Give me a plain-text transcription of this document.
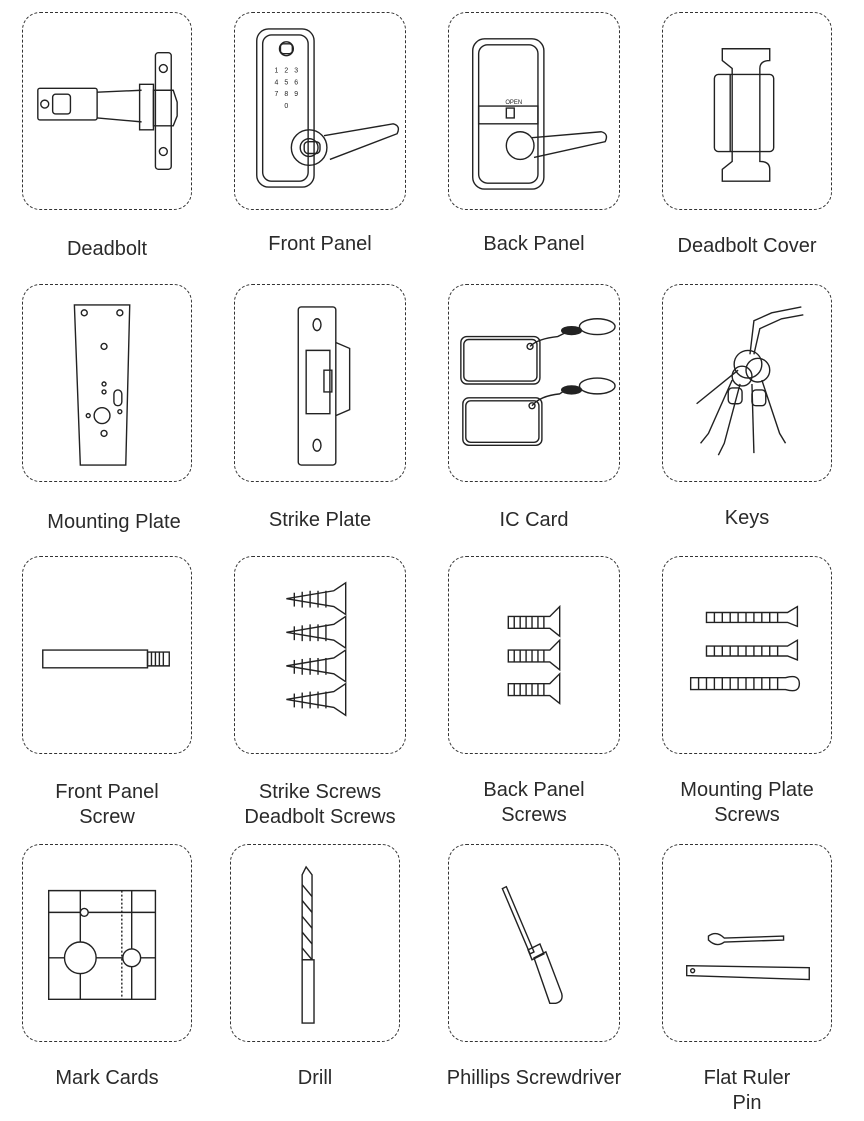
Deadbolt
1 2 3
4 5 6
7 8 9
0
Front Panel
OPEN
Back Panel	Deadbolt Cover
Mounting Plate	Strike Plate	IC Card	Keys
Front Panel
Screw
Strike Screws
Deadbolt Screws
Back Panel
Screws
Mounting Plate
Screws
Mark Cards	Drill	Phillips Screwdriver	Flat Ruler
Pin
